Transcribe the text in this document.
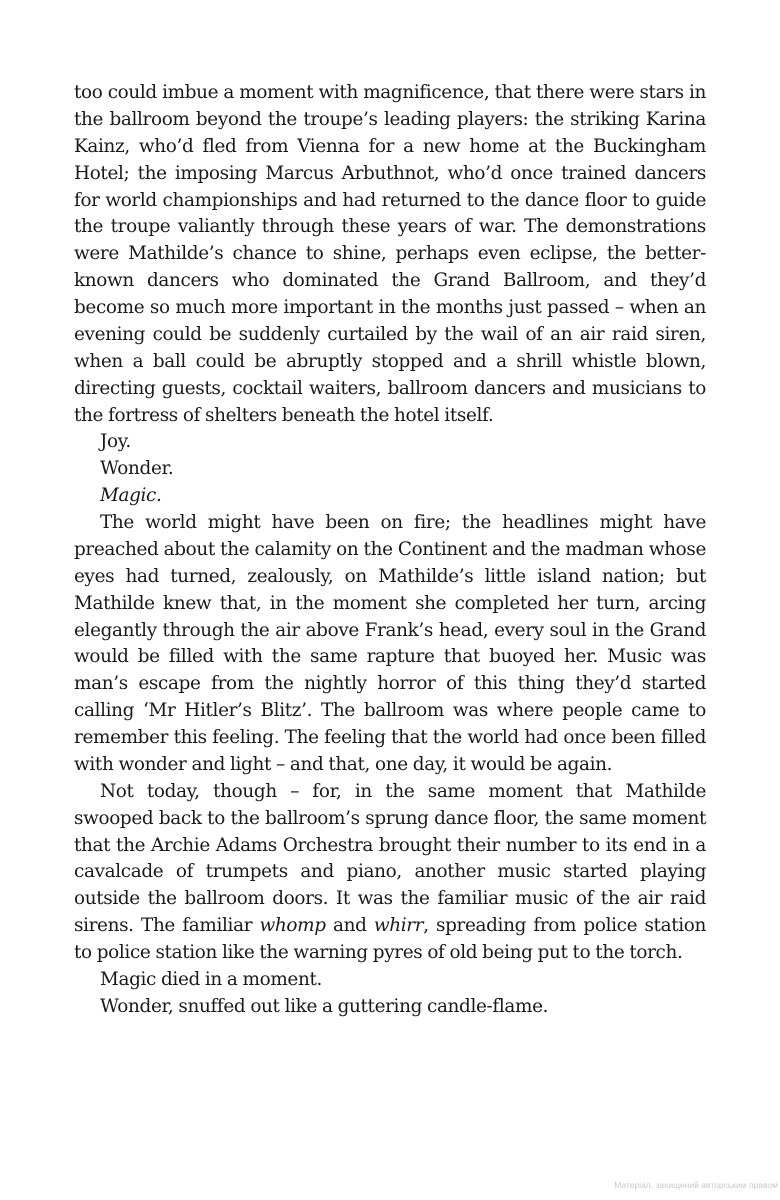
too could imbue a moment with magnificence, that there were stars in the ballroom beyond the troupe’s leading players: the striking Karina Kainz, who’d fled from Vienna for a new home at the Buckingham Hotel; the imposing Marcus Arbuthnot, who’d once trained dancers for world championships and had returned to the dance floor to guide the troupe valiantly through these years of war. The demonstrations were Mathilde’s chance to shine, perhaps even eclipse, the better-known dancers who dominated the Grand Ballroom, and they’d become so much more important in the months just passed – when an evening could be suddenly curtailed by the wail of an air raid siren, when a ball could be abruptly stopped and a shrill whistle blown, directing guests, cocktail waiters, ballroom dancers and musicians to the fortress of shelters beneath the hotel itself.

Joy.

Wonder.

Magic.

The world might have been on fire; the headlines might have preached about the calamity on the Continent and the madman whose eyes had turned, zealously, on Mathilde’s little island nation; but Mathilde knew that, in the moment she completed her turn, arcing elegantly through the air above Frank’s head, every soul in the Grand would be filled with the same rapture that buoyed her. Music was man’s escape from the nightly horror of this thing they’d started calling ‘Mr Hitler’s Blitz’. The ballroom was where people came to remember this feeling. The feeling that the world had once been filled with wonder and light – and that, one day, it would be again.

Not today, though – for, in the same moment that Mathilde swooped back to the ballroom’s sprung dance floor, the same moment that the Archie Adams Orchestra brought their number to its end in a cavalcade of trumpets and piano, another music started playing outside the ballroom doors. It was the familiar music of the air raid sirens. The familiar whomp and whirr, spreading from police station to police station like the warning pyres of old being put to the torch.

Magic died in a moment.

Wonder, snuffed out like a guttering candle-flame.

Матеріал, захищений авторським правом
